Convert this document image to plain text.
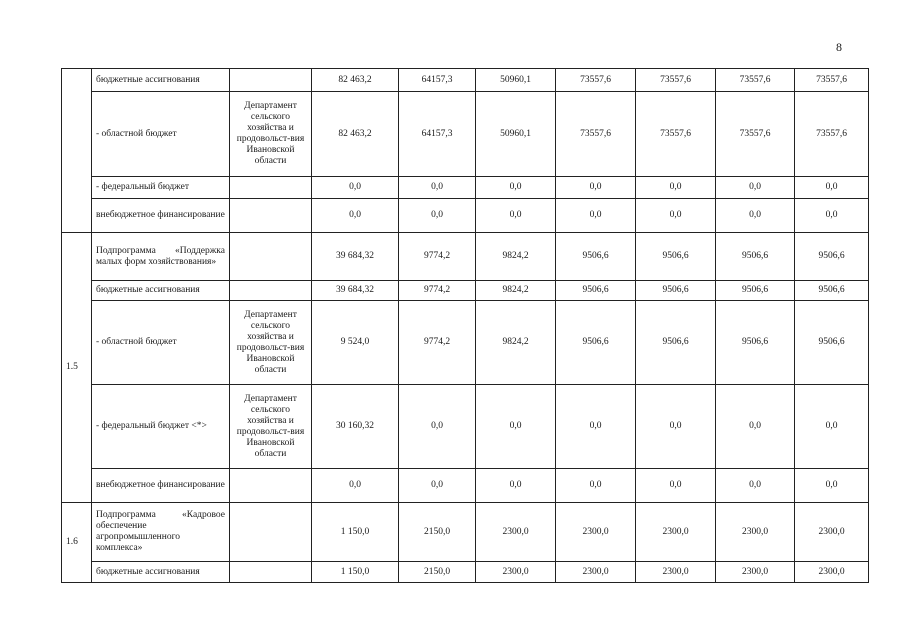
8
	бюджетные ассигнования		82 463,2	64157,3	50960,1	73557,6	73557,6	73557,6	73557,6
	- областной бюджет	Департамент сельского хозяйства и продовольст-вия Ивановской области	82 463,2	64157,3	50960,1	73557,6	73557,6	73557,6	73557,6
	- федеральный бюджет		0,0	0,0	0,0	0,0	0,0	0,0	0,0
	внебюджетное финансирование		0,0	0,0	0,0	0,0	0,0	0,0	0,0
1.5	Подпрограмма «Поддержка малых форм хозяйствования»		39 684,32	9774,2	9824,2	9506,6	9506,6	9506,6	9506,6
	бюджетные ассигнования		39 684,32	9774,2	9824,2	9506,6	9506,6	9506,6	9506,6
	- областной бюджет	Департамент сельского хозяйства и продовольст-вия Ивановской области	9 524,0	9774,2	9824,2	9506,6	9506,6	9506,6	9506,6
	- федеральный бюджет <*>	Департамент сельского хозяйства и продовольст-вия Ивановской области	30 160,32	0,0	0,0	0,0	0,0	0,0	0,0
	внебюджетное финансирование		0,0	0,0	0,0	0,0	0,0	0,0	0,0
1.6	Подпрограмма «Кадровое обеспечение агропромышленного комплекса»		1 150,0	2150,0	2300,0	2300,0	2300,0	2300,0	2300,0
	бюджетные ассигнования		1 150,0	2150,0	2300,0	2300,0	2300,0	2300,0	2300,0
